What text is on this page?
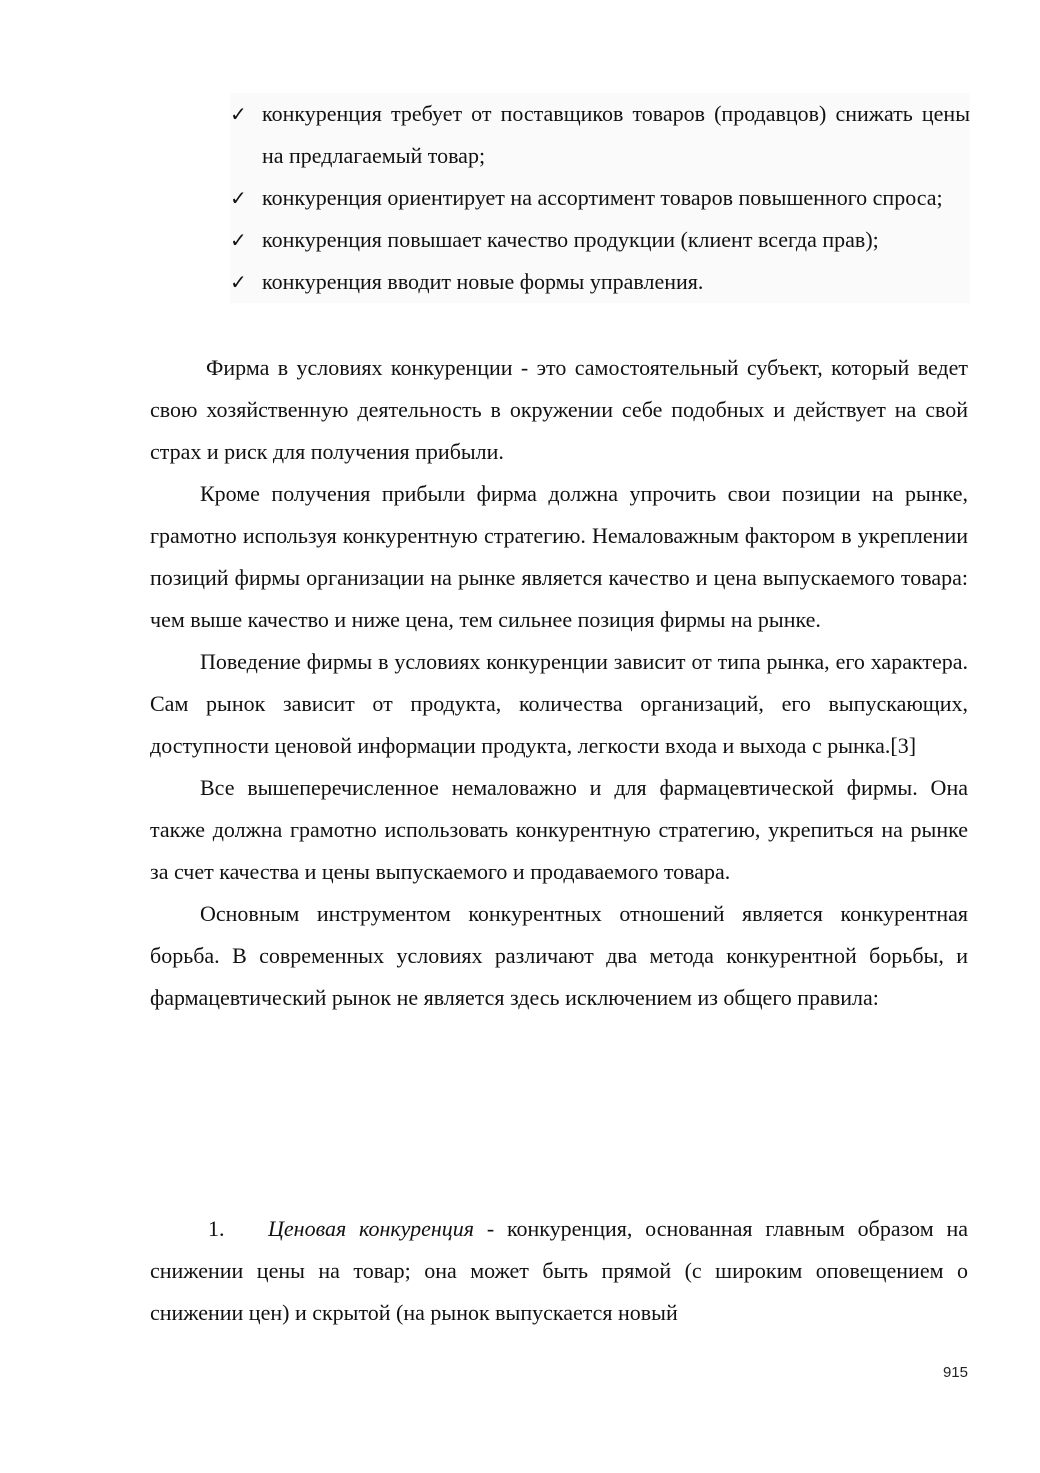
✓ конкуренция требует от поставщиков товаров (продавцов) снижать цены на предлагаемый товар;
✓ конкуренция ориентирует на ассортимент товаров повышенного спроса;
✓ конкуренция повышает качество продукции (клиент всегда прав);
✓ конкуренция вводит новые формы управления.

Фирма в условиях конкуренции - это самостоятельный субъект, который ведет свою хозяйственную деятельность в окружении себе подобных и действует на свой страх и риск для получения прибыли.

Кроме получения прибыли фирма должна упрочить свои позиции на рынке, грамотно используя конкурентную стратегию. Немаловажным фактором в укреплении позиций фирмы организации на рынке является качество и цена выпускаемого товара: чем выше качество и ниже цена, тем сильнее позиция фирмы на рынке.

Поведение фирмы в условиях конкуренции зависит от типа рынка, его характера. Сам рынок зависит от продукта, количества организаций, его выпускающих, доступности ценовой информации продукта, легкости входа и выхода с рынка.[3]

Все вышеперечисленное немаловажно и для фармацевтической фирмы. Она также должна грамотно использовать конкурентную стратегию, укрепиться на рынке за счет качества и цены выпускаемого и продаваемого товара.

Основным инструментом конкурентных отношений является конкурентная борьба. В современных условиях различают два метода конкурентной борьбы, и фармацевтический рынок не является здесь исключением из общего правила:

1. Ценовая конкуренция - конкуренция, основанная главным образом на снижении цены на товар; она может быть прямой (с широким оповещением о снижении цен) и скрытой (на рынок выпускается новый
915
